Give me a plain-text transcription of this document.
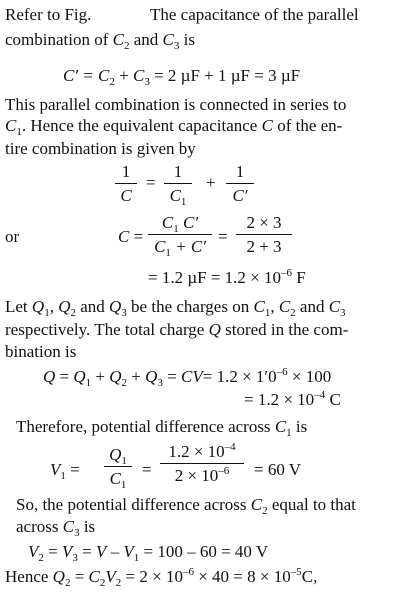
Refer to Fig.	The capacitance of the parallel
combination of $C_2$ and $C_3$ is
$C' = C_2 + C_3 = 2$ µF + 1 µF = 3 µF
This parallel combination is connected in series to
$C_1$. Hence the equivalent capacitance C of the en-
tire combination is given by
1
C
=
1
$C_1$
+
1
C′
or	C =
$C_1$ C′
$C_1 + C'$
=
2 × 3
2 + 3
= 1.2 $\mu F = 1.2 \times 10^{-6}$ F
Let $Q_1$, $Q_2$ and $Q_3$ be the charges on $C_1$, $C_2$ and $C_3$
respectively. The total charge Q stored in the com-
bination is
$Q = Q_1 + Q_2 + Q_3 = CV= 1.2 \times 1'0^{-6} \times 100$
= $1.2 \times 10^{-4}$ C
Therefore, potential difference across $C_1$ is
$V_1$ =
$Q_1$
$C_1$
=
$1.2 \times 10^{-4}$
$2 \times 10^{-6}$	= 60 V
So, the potential difference across $C_2$ equal to that
across $C_3$ is
$V_2 = V_3 = V - V_1 = 100 - 60 = 40$ V
Hence $Q_2 = C_2V_2 = 2 \times 10^{-6} \times 40 = 8 \times 10^{-5}C$,
